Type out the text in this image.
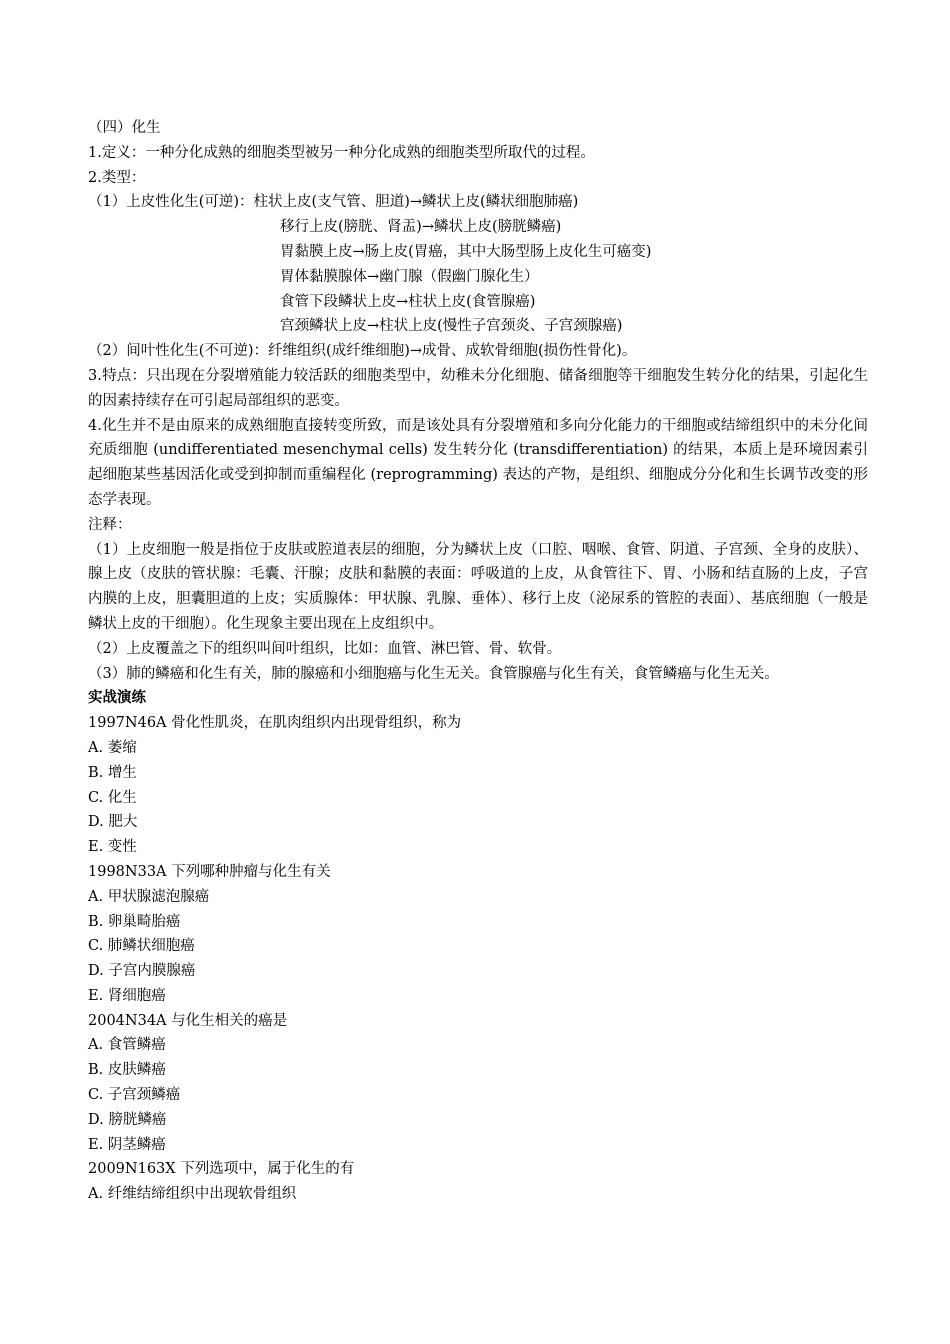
（四）化生
1.定义：一种分化成熟的细胞类型被另一种分化成熟的细胞类型所取代的过程。
2.类型：
（1）上皮性化生(可逆)：柱状上皮(支气管、胆道)→鳞状上皮(鳞状细胞肺癌)
移行上皮(膀胱、肾盂)→鳞状上皮(膀胱鳞癌)
胃黏膜上皮→肠上皮(胃癌，其中大肠型肠上皮化生可癌变)
胃体黏膜腺体→幽门腺（假幽门腺化生）
食管下段鳞状上皮→柱状上皮(食管腺癌)
宫颈鳞状上皮→柱状上皮(慢性子宫颈炎、子宫颈腺癌)
（2）间叶性化生(不可逆)：纤维组织(成纤维细胞)→成骨、成软骨细胞(损伤性骨化)。
3.特点：只出现在分裂增殖能力较活跃的细胞类型中，幼稚未分化细胞、储备细胞等干细胞发生转分化的结果，引起化生的因素持续存在可引起局部组织的恶变。
4.化生并不是由原来的成熟细胞直接转变所致，而是该处具有分裂增殖和多向分化能力的干细胞或结缔组织中的未分化间充质细胞 (undifferentiated mesenchymal cells) 发生转分化 (transdifferentiation) 的结果，本质上是环境因素引起细胞某些基因活化或受到抑制而重编程化 (reprogramming) 表达的产物，是组织、细胞成分分化和生长调节改变的形态学表现。
注释：
（1）上皮细胞一般是指位于皮肤或腔道表层的细胞，分为鳞状上皮（口腔、咽喉、食管、阴道、子宫颈、全身的皮肤）、腺上皮（皮肤的管状腺：毛囊、汗腺；皮肤和黏膜的表面：呼吸道的上皮，从食管往下、胃、小肠和结直肠的上皮，子宫内膜的上皮，胆囊胆道的上皮；实质腺体：甲状腺、乳腺、垂体）、移行上皮（泌尿系的管腔的表面）、基底细胞（一般是鳞状上皮的干细胞）。化生现象主要出现在上皮组织中。
（2）上皮覆盖之下的组织叫间叶组织，比如：血管、淋巴管、骨、软骨。
（3）肺的鳞癌和化生有关，肺的腺癌和小细胞癌与化生无关。食管腺癌与化生有关，食管鳞癌与化生无关。
实战演练
1997N46A 骨化性肌炎，在肌肉组织内出现骨组织，称为
A. 萎缩
B. 增生
C. 化生
D. 肥大
E. 变性
1998N33A 下列哪种肿瘤与化生有关
A. 甲状腺滤泡腺癌
B. 卵巢畸胎癌
C. 肺鳞状细胞癌
D. 子宫内膜腺癌
E. 肾细胞癌
2004N34A 与化生相关的癌是
A. 食管鳞癌
B. 皮肤鳞癌
C. 子宫颈鳞癌
D. 膀胱鳞癌
E. 阴茎鳞癌
2009N163X 下列选项中，属于化生的有
A. 纤维结缔组织中出现软骨组织
